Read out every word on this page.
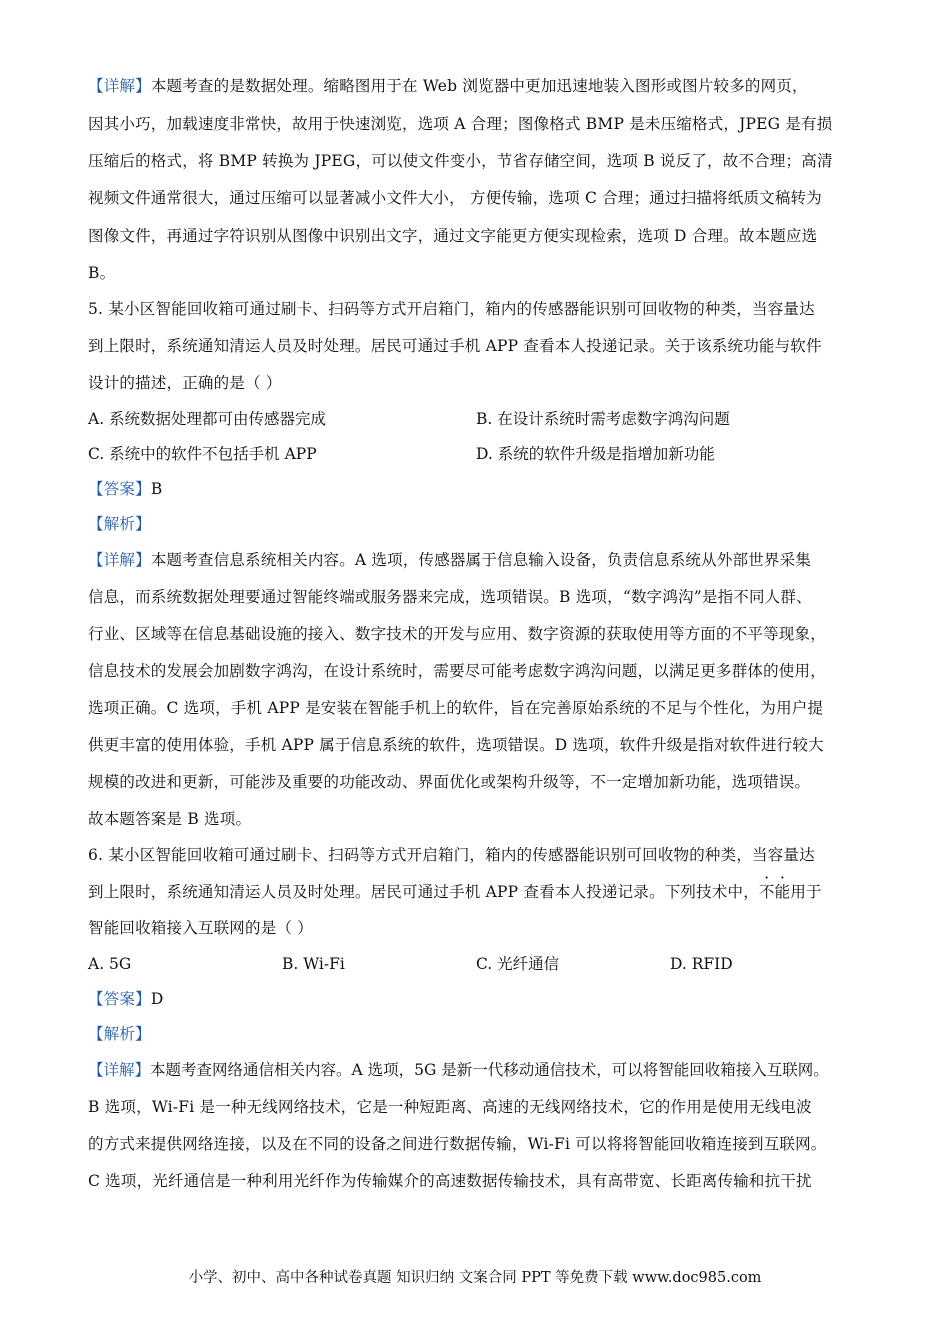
【详解】本题考查的是数据处理。缩略图用于在 Web 浏览器中更加迅速地装入图形或图片较多的网页，
因其小巧，加载速度非常快，故用于快速浏览，选项 A 合理；图像格式 BMP 是未压缩格式，JPEG 是有损
压缩后的格式，将 BMP 转换为 JPEG，可以使文件变小，节省存储空间，选项 B 说反了，故不合理；高清
视频文件通常很大，通过压缩可以显著减小文件大小， 方便传输，选项 C 合理；通过扫描将纸质文稿转为
图像文件，再通过字符识别从图像中识别出文字，通过文字能更方便实现检索，选项 D 合理。故本题应选
B。
5. 某小区智能回收箱可通过刷卡、扫码等方式开启箱门，箱内的传感器能识别可回收物的种类，当容量达
到上限时，系统通知清运人员及时处理。居民可通过手机 APP 查看本人投递记录。关于该系统功能与软件
设计的描述，正确的是（ ）
A. 系统数据处理都可由传感器完成	B. 在设计系统时需考虑数字鸿沟问题
C. 系统中的软件不包括手机 APP	D. 系统的软件升级是指增加新功能
【答案】B
【解析】
【详解】本题考查信息系统相关内容。A 选项，传感器属于信息输入设备，负责信息系统从外部世界采集
信息，而系统数据处理要通过智能终端或服务器来完成，选项错误。B 选项，“数字鸿沟”是指不同人群、
行业、区域等在信息基础设施的接入、数字技术的开发与应用、数字资源的获取使用等方面的不平等现象，
信息技术的发展会加剧数字鸿沟，在设计系统时，需要尽可能考虑数字鸿沟问题，以满足更多群体的使用，
选项正确。C 选项，手机 APP 是安装在智能手机上的软件，旨在完善原始系统的不足与个性化，为用户提
供更丰富的使用体验，手机 APP 属于信息系统的软件，选项错误。D 选项，软件升级是指对软件进行较大
规模的改进和更新，可能涉及重要的功能改动、界面优化或架构升级等，不一定增加新功能，选项错误。
故本题答案是 B 选项。
6. 某小区智能回收箱可通过刷卡、扫码等方式开启箱门，箱内的传感器能识别可回收物的种类，当容量达
到上限时，系统通知清运人员及时处理。居民可通过手机 APP 查看本人投递记录。下列技术中，不能用于
智能回收箱接入互联网的是（ ）
A. 5G	B. Wi-Fi	C. 光纤通信	D. RFID
【答案】D
【解析】
【详解】本题考查网络通信相关内容。A 选项，5G 是新一代移动通信技术，可以将智能回收箱接入互联网。
B 选项，Wi-Fi 是一种无线网络技术，它是一种短距离、高速的无线网络技术，它的作用是使用无线电波
的方式来提供网络连接，以及在不同的设备之间进行数据传输，Wi-Fi 可以将将智能回收箱连接到互联网。
C 选项，光纤通信是一种利用光纤作为传输媒介的高速数据传输技术，具有高带宽、长距离传输和抗干扰
小学、初中、高中各种试卷真题 知识归纳 文案合同 PPT 等免费下载 www.doc985.com
